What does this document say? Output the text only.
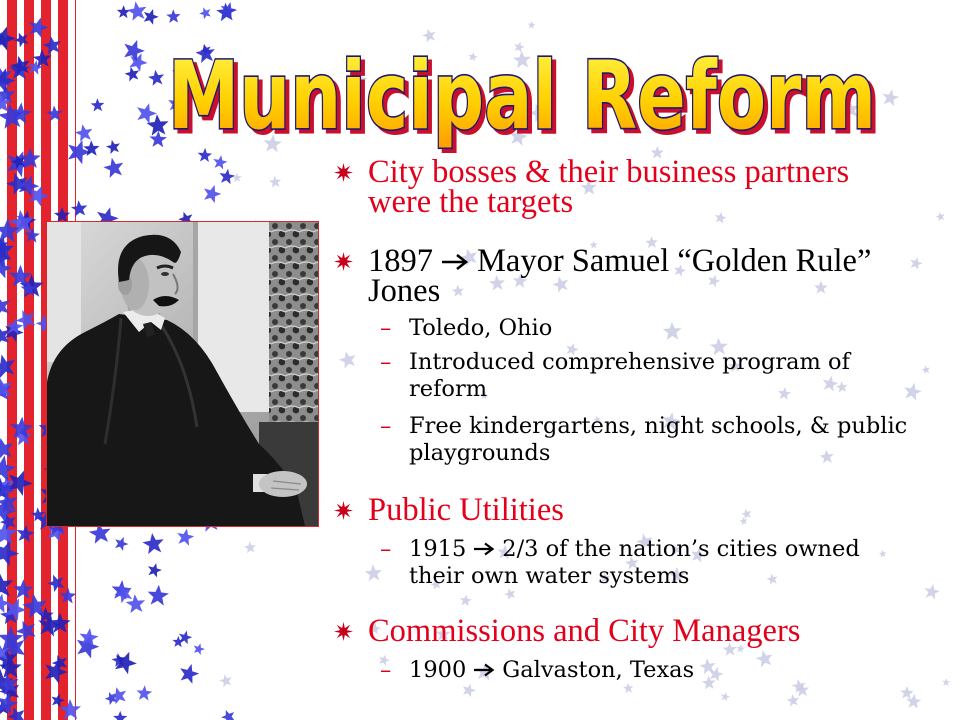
Municipal Reform
Municipal Reform
City bosses & their business partners
were the targets
1897 Mayor Samuel “Golden Rule”
Jones
– Toledo, Ohio
– Introduced comprehensive program of
reform
– Free kindergartens, night schools, & public
playgrounds
Public Utilities
– 1915 2/3 of the nation’s cities owned
their own water systems
Commissions and City Managers
– 1900 Galvaston, Texas
